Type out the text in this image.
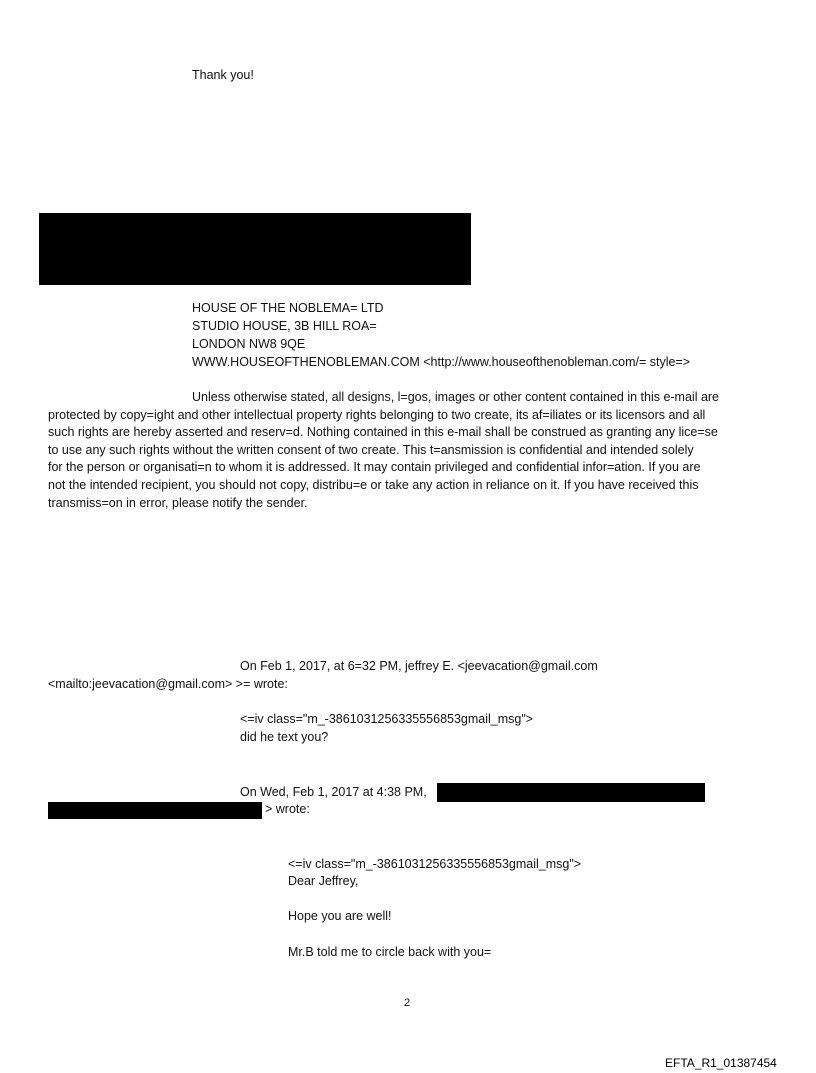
Thank you!
HOUSE OF THE NOBLEMA= LTD
STUDIO HOUSE, 3B HILL ROA=
LONDON NW8 9QE
WWW.HOUSEOFTHENOBLEMAN.COM <http://www.houseofthenobleman.com/= style=>
Unless otherwise stated, all designs, l=gos, images or other content contained in this e-mail are
protected by copy=ight and other intellectual property rights belonging to two create, its af=iliates or its licensors and all
such rights are hereby asserted and reserv=d. Nothing contained in this e-mail shall be construed as granting any lice=se
to use any such rights without the written consent of two create. This t=ansmission is confidential and intended solely
for the person or organisati=n to whom it is addressed. It may contain privileged and confidential infor=ation. If you are
not the intended recipient, you should not copy, distribu=e or take any action in reliance on it. If you have received this
transmiss=on in error, please notify the sender.
On Feb 1, 2017, at 6=32 PM, jeffrey E. <jeevacation@gmail.com
<mailto:jeevacation@gmail.com> >= wrote:
<=iv class="m_-3861031256335556853gmail_msg">
did he text you?
On Wed, Feb 1, 2017 at 4:38 PM,
> wrote:
<=iv class="m_-3861031256335556853gmail_msg">
Dear Jeffrey,
Hope you are well!
Mr.B told me to circle back with you=
2
EFTA_R1_01387454
